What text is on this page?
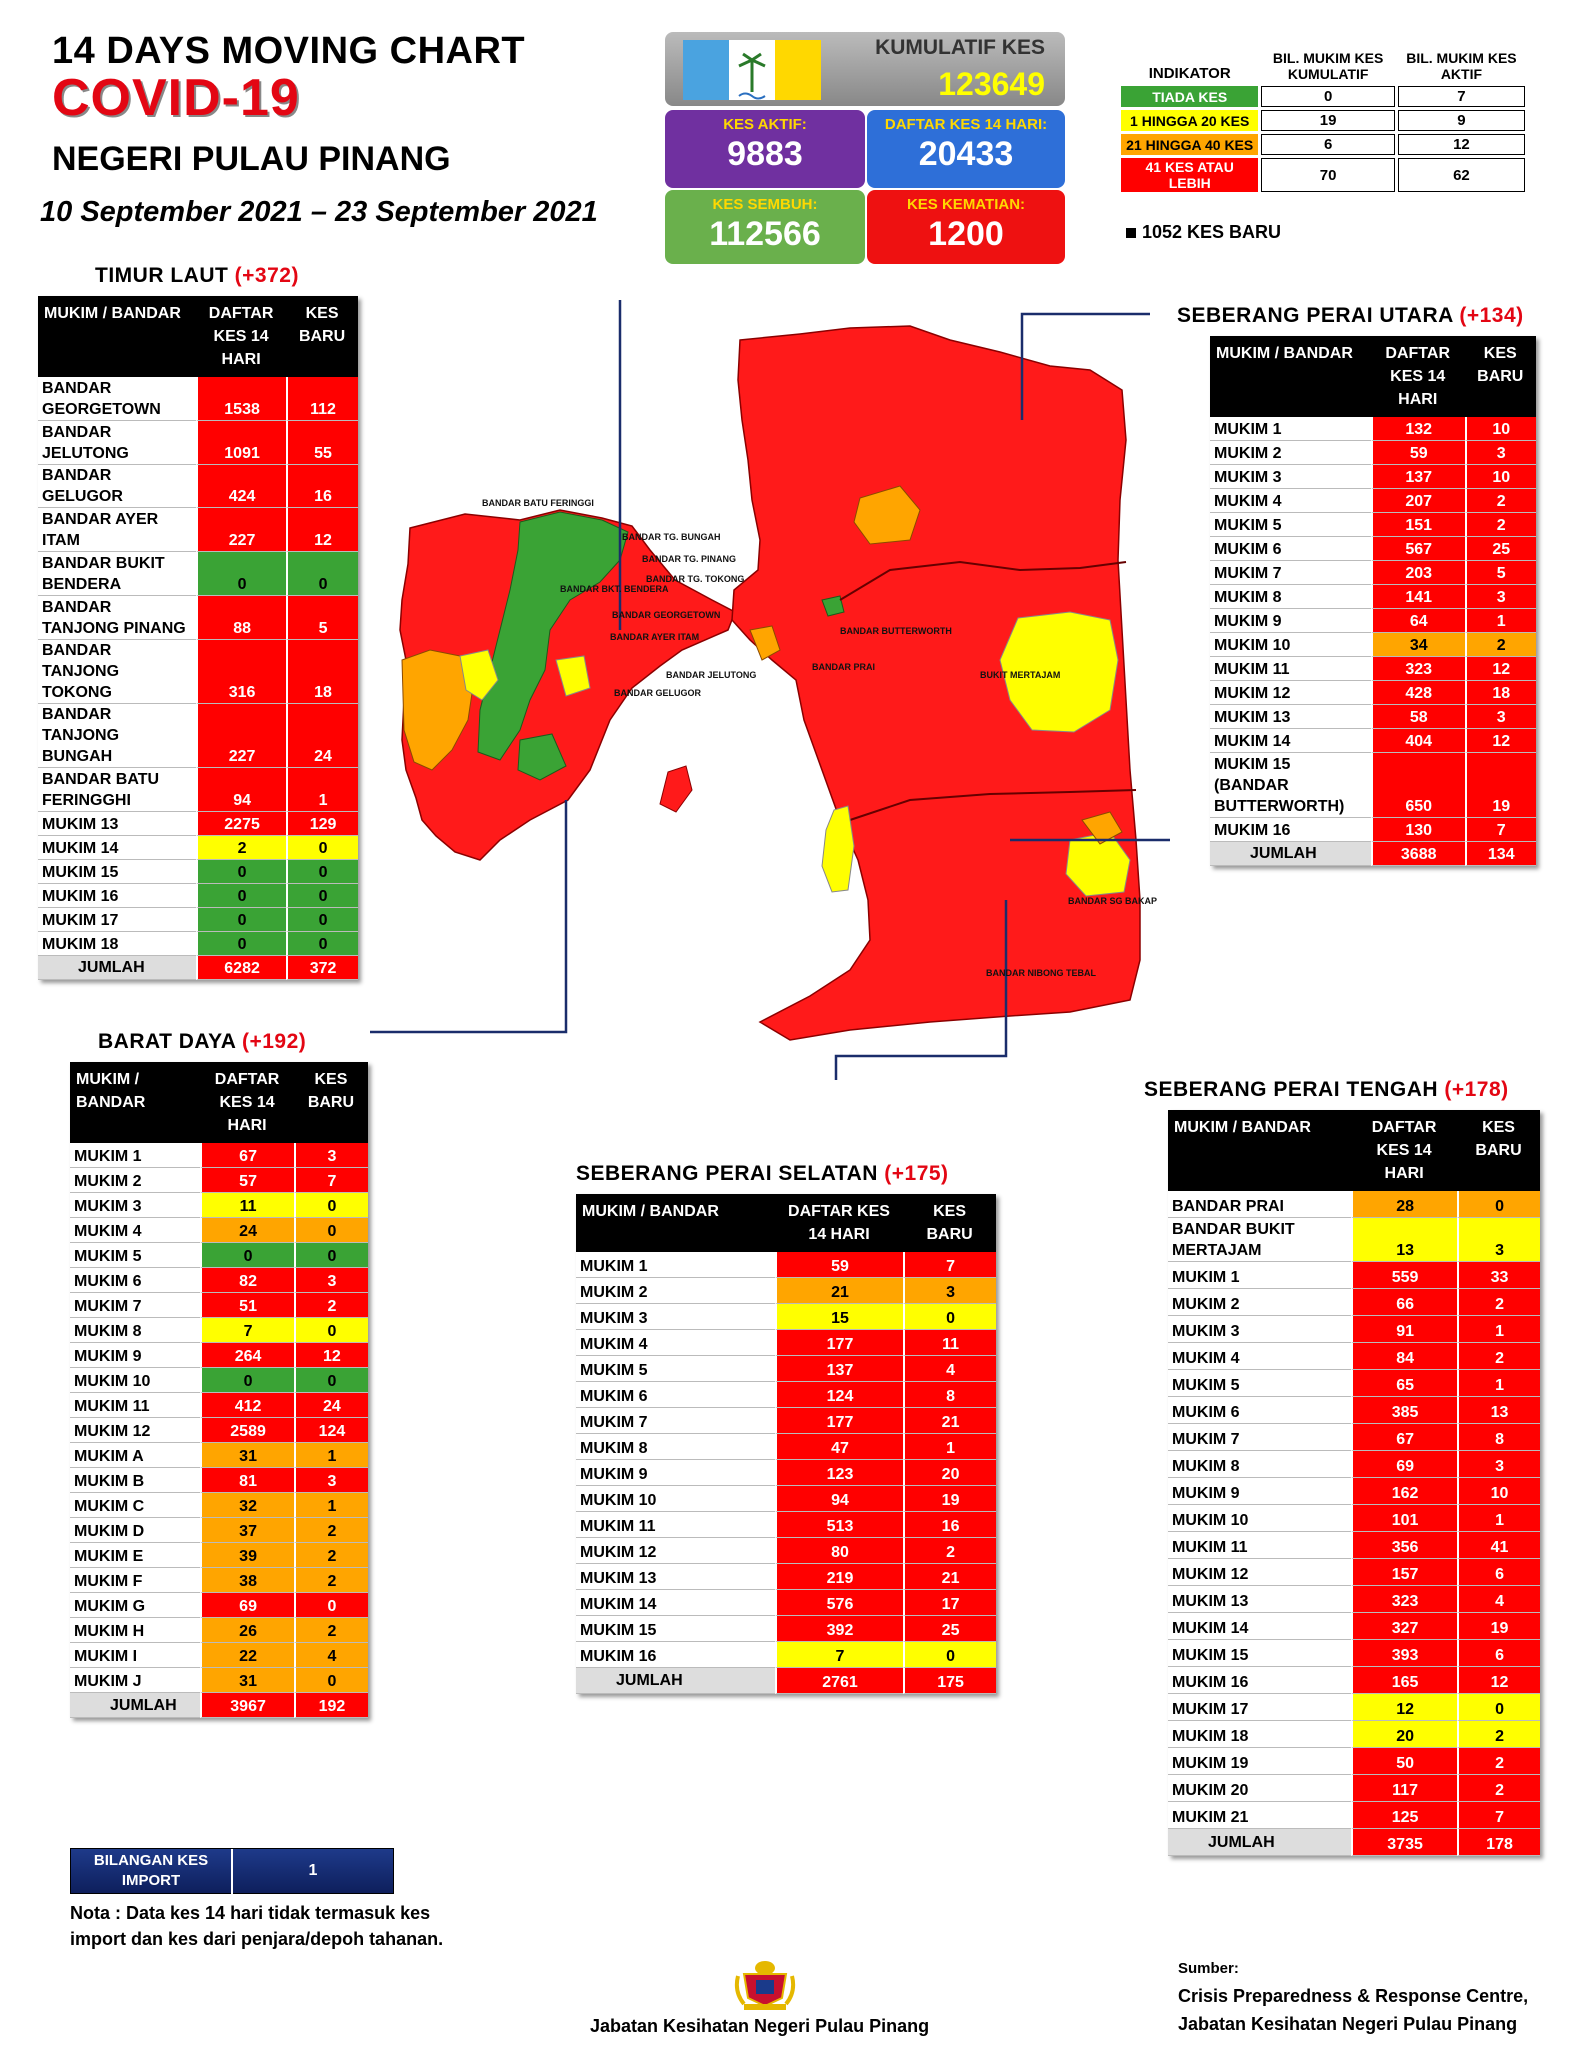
14 DAYS MOVING CHART
COVID-19
NEGERI PULAU PINANG
10 September 2021 – 23 September 2021
KUMULATIF KES
123649
KES AKTIF:
9883
DAFTAR KES 14 HARI:
20433
KES SEMBUH:
112566
KES KEMATIAN:
1200
INDIKATOR	BIL. MUKIM KES KUMULATIF	BIL. MUKIM KES AKTIF
TIADA KES	0	7
1 HINGGA 20 KES	19	9
21 HINGGA 40 KES	6	12
41 KES ATAU LEBIH	70	62
1052 KES BARU
TIMUR LAUT (+372)
BARAT DAYA (+192)
SEBERANG PERAI UTARA (+134)
SEBERANG PERAI SELATAN (+175)
SEBERANG PERAI TENGAH (+178)
MUKIM / BANDAR	DAFTAR KES 14 HARI	KES BARU
BANDAR GEORGETOWN	1538	112
BANDAR JELUTONG	1091	55
BANDAR GELUGOR	424	16
BANDAR AYER ITAM	227	12
BANDAR BUKIT BENDERA	0	0
BANDAR TANJONG PINANG	88	5
BANDAR TANJONG TOKONG	316	18
BANDAR TANJONG BUNGAH	227	24
BANDAR BATU FERINGGHI	94	1
MUKIM 13	2275	129
MUKIM 14	2	0
MUKIM 15	0	0
MUKIM 16	0	0
MUKIM 17	0	0
MUKIM 18	0	0
JUMLAH	6282	372
MUKIM / BANDAR	DAFTAR KES 14 HARI	KES BARU
MUKIM 1	67	3
MUKIM 2	57	7
MUKIM 3	11	0
MUKIM 4	24	0
MUKIM 5	0	0
MUKIM 6	82	3
MUKIM 7	51	2
MUKIM 8	7	0
MUKIM 9	264	12
MUKIM 10	0	0
MUKIM 11	412	24
MUKIM 12	2589	124
MUKIM A	31	1
MUKIM B	81	3
MUKIM C	32	1
MUKIM D	37	2
MUKIM E	39	2
MUKIM F	38	2
MUKIM G	69	0
MUKIM H	26	2
MUKIM I	22	4
MUKIM J	31	0
JUMLAH	3967	192
MUKIM / BANDAR	DAFTAR KES 14 HARI	KES BARU
MUKIM 1	132	10
MUKIM 2	59	3
MUKIM 3	137	10
MUKIM 4	207	2
MUKIM 5	151	2
MUKIM 6	567	25
MUKIM 7	203	5
MUKIM 8	141	3
MUKIM 9	64	1
MUKIM 10	34	2
MUKIM 11	323	12
MUKIM 12	428	18
MUKIM 13	58	3
MUKIM 14	404	12
MUKIM 15 (BANDAR BUTTERWORTH)	650	19
MUKIM 16	130	7
JUMLAH	3688	134
MUKIM / BANDAR	DAFTAR KES 14 HARI	KES BARU
MUKIM 1	59	7
MUKIM 2	21	3
MUKIM 3	15	0
MUKIM 4	177	11
MUKIM 5	137	4
MUKIM 6	124	8
MUKIM 7	177	21
MUKIM 8	47	1
MUKIM 9	123	20
MUKIM 10	94	19
MUKIM 11	513	16
MUKIM 12	80	2
MUKIM 13	219	21
MUKIM 14	576	17
MUKIM 15	392	25
MUKIM 16	7	0
JUMLAH	2761	175
MUKIM / BANDAR	DAFTAR KES 14 HARI	KES BARU
BANDAR PRAI	28	0
BANDAR BUKIT MERTAJAM	13	3
MUKIM 1	559	33
MUKIM 2	66	2
MUKIM 3	91	1
MUKIM 4	84	2
MUKIM 5	65	1
MUKIM 6	385	13
MUKIM 7	67	8
MUKIM 8	69	3
MUKIM 9	162	10
MUKIM 10	101	1
MUKIM 11	356	41
MUKIM 12	157	6
MUKIM 13	323	4
MUKIM 14	327	19
MUKIM 15	393	6
MUKIM 16	165	12
MUKIM 17	12	0
MUKIM 18	20	2
MUKIM 19	50	2
MUKIM 20	117	2
MUKIM 21	125	7
JUMLAH	3735	178
BANDAR BATU FERINGGI
BANDAR TG. BUNGAH
BANDAR TG. PINANG
BANDAR TG. TOKONG
BANDAR BKT. BENDERA
BANDAR GEORGETOWN
BANDAR AYER ITAM
BANDAR JELUTONG
BANDAR GELUGOR
BANDAR BUTTERWORTH
BANDAR PRAI
BUKIT MERTAJAM
BANDAR SG BAKAP
BANDAR NIBONG TEBAL
BILANGAN KES IMPORT
1
Nota : Data kes 14 hari tidak termasuk kes import dan kes dari penjara/depoh tahanan.
Jabatan Kesihatan Negeri Pulau Pinang
Sumber:
Crisis Preparedness & Response Centre,
Jabatan Kesihatan Negeri Pulau Pinang
